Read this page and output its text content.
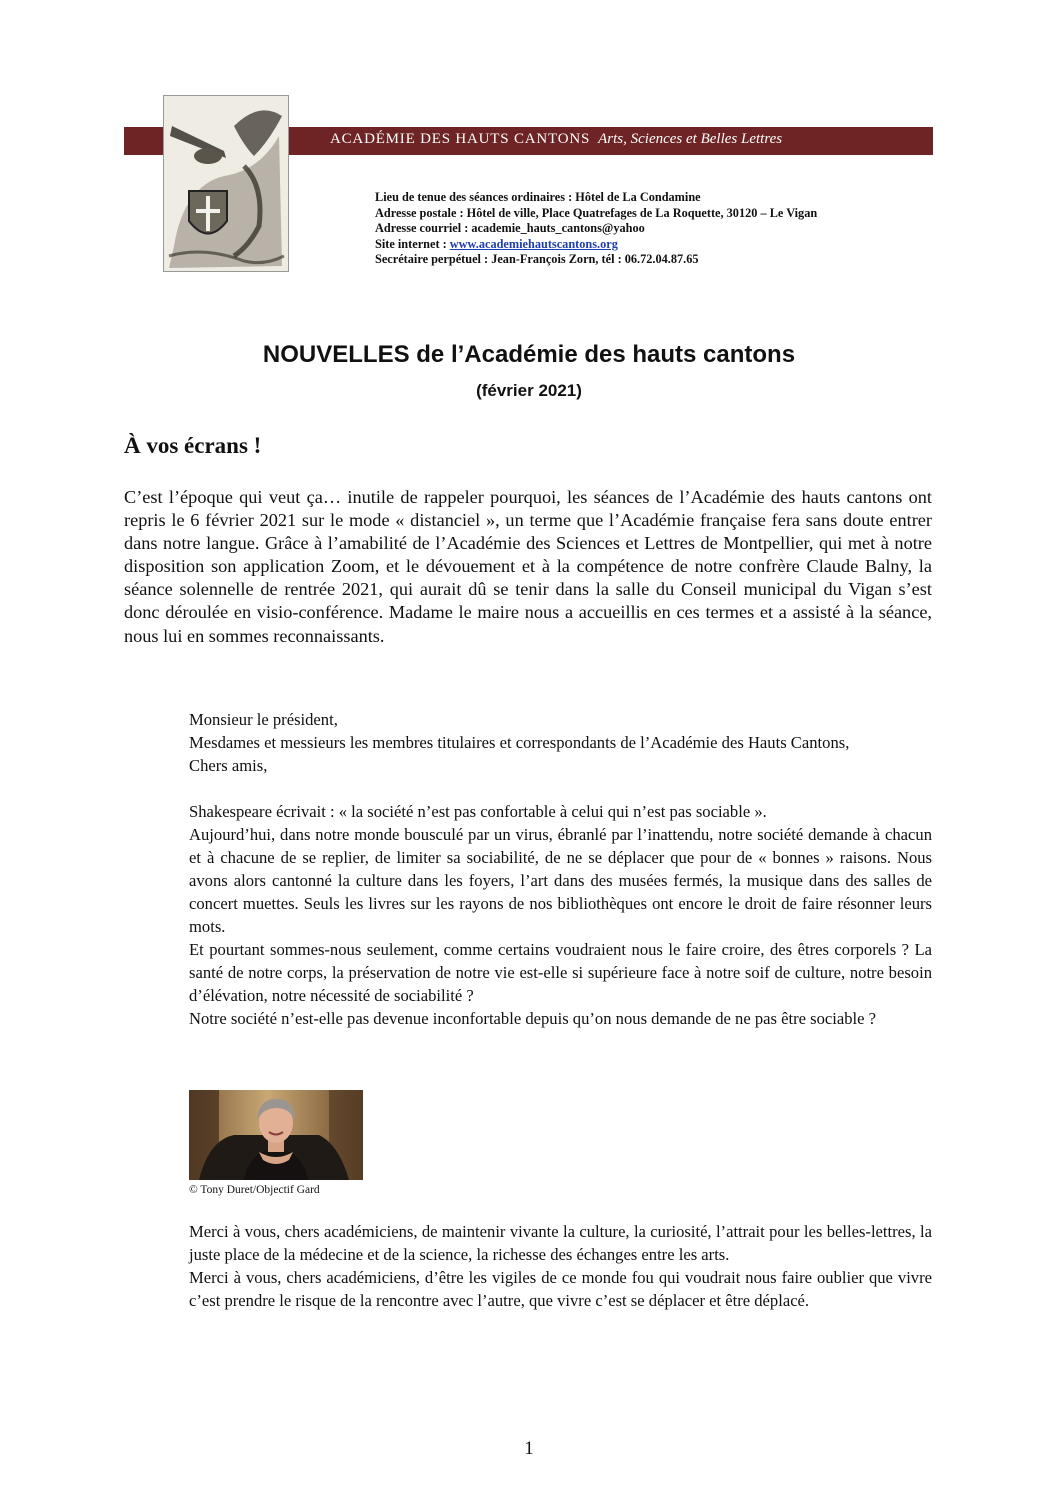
ACADÉMIE DES HAUTS CANTONS Arts, Sciences et Belles Lettres
Lieu de tenue des séances ordinaires : Hôtel de La Condamine
Adresse postale : Hôtel de ville, Place Quatrefages de La Roquette, 30120 – Le Vigan
Adresse courriel : academie_hauts_cantons@yahoo
Site internet : www.academiehautscantons.org
Secrétaire perpétuel : Jean-François Zorn, tél : 06.72.04.87.65
NOUVELLES de l’Académie des hauts cantons
(février 2021)
À vos écrans !

C’est l’époque qui veut ça… inutile de rappeler pourquoi, les séances de l’Académie des hauts cantons ont repris le 6 février 2021 sur le mode « distanciel », un terme que l’Académie française fera sans doute entrer dans notre langue. Grâce à l’amabilité de l’Académie des Sciences et Lettres de Montpellier, qui met à notre disposition son application Zoom, et le dévouement et à la compétence de notre confrère Claude Balny, la séance solennelle de rentrée 2021, qui aurait dû se tenir dans la salle du Conseil municipal du Vigan s’est donc déroulée en visio-conférence. Madame le maire nous a accueillis en ces termes et a assisté à la séance, nous lui en sommes reconnaissants.

Monsieur le président,

Mesdames et messieurs les membres titulaires et correspondants de l’Académie des Hauts Cantons,

Chers amis,

Shakespeare écrivait : « la société n’est pas confortable à celui qui n’est pas sociable ».

Aujourd’hui, dans notre monde bousculé par un virus, ébranlé par l’inattendu, notre société demande à chacun et à chacune de se replier, de limiter sa sociabilité, de ne se déplacer que pour de « bonnes » raisons. Nous avons alors cantonné la culture dans les foyers, l’art dans des musées fermés, la musique dans des salles de concert muettes. Seuls les livres sur les rayons de nos bibliothèques ont encore le droit de faire résonner leurs mots.

Et pourtant sommes-nous seulement, comme certains voudraient nous le faire croire, des êtres corporels ? La santé de notre corps, la préservation de notre vie est-elle si supérieure face à notre soif de culture, notre besoin d’élévation, notre nécessité de sociabilité ?

Notre société n’est-elle pas devenue inconfortable depuis qu’on nous demande de ne pas être sociable ?

© Tony Duret/Objectif Gard

Merci à vous, chers académiciens, de maintenir vivante la culture, la curiosité, l’attrait pour les belles-lettres, la juste place de la médecine et de la science, la richesse des échanges entre les arts.

Merci à vous, chers académiciens, d’être les vigiles de ce monde fou qui voudrait nous faire oublier que vivre c’est prendre le risque de la rencontre avec l’autre, que vivre c’est se déplacer et être déplacé.

1
